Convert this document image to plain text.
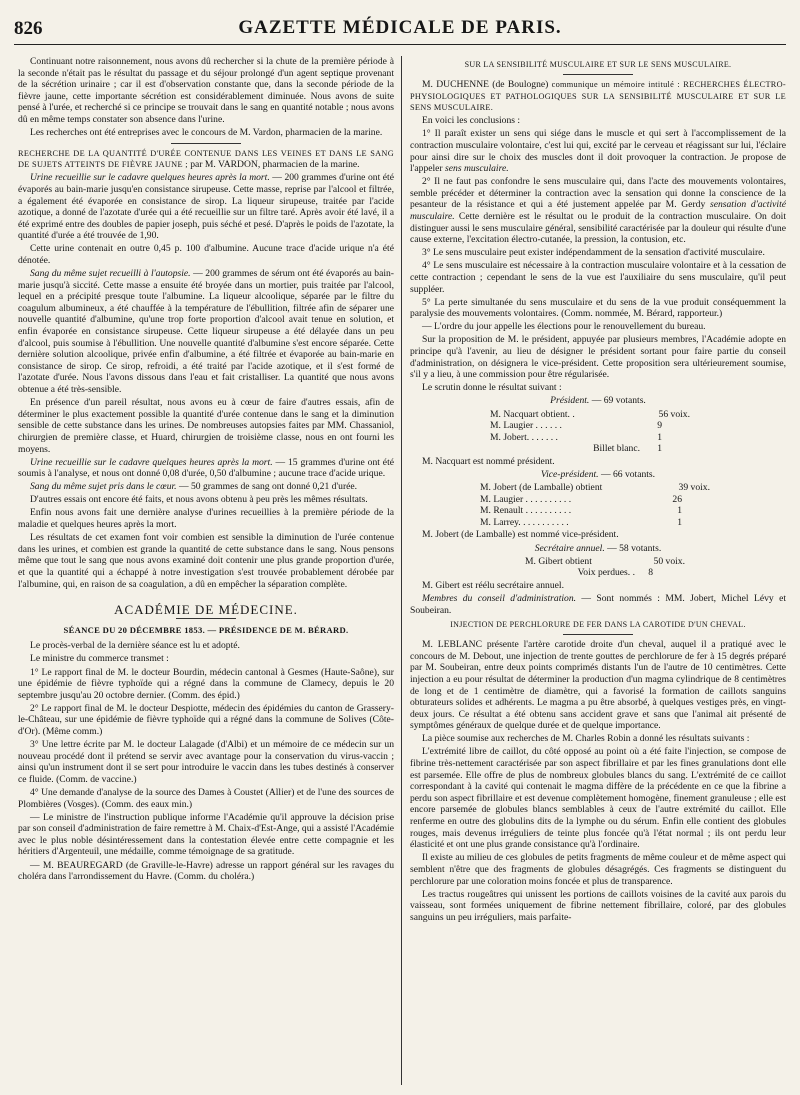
826	GAZETTE MÉDICALE DE PARIS.

Continuant notre raisonnement, nous avons dû rechercher si la chute de la première période à la seconde n'était pas le résultat du passage et du séjour prolongé d'un agent septique provenant de la sécrétion urinaire ; car il est d'observation constante que, dans la seconde période de la fièvre jaune, cette importante sécrétion est considérablement diminuée. Nous avons de suite pensé à l'urée, et recherché si ce principe se trouvait dans le sang en quantité notable ; nous avons dû en même temps constater son absence dans l'urine.

Les recherches ont été entreprises avec le concours de M. Vardon, pharmacien de la marine.

RECHERCHE DE LA QUANTITÉ D'URÉE CONTENUE DANS LES VEINES ET DANS LE SANG DE SUJETS ATTEINTS DE FIÈVRE JAUNE ; par M. VARDON, pharmacien de la marine.

Urine recueillie sur le cadavre quelques heures après la mort. — 200 grammes d'urine ont été évaporés au bain-marie jusqu'en consistance sirupeuse. Cette masse, reprise par l'alcool et filtrée, a également été évaporée en consistance de sirop. La liqueur sirupeuse, traitée par l'acide azotique, a donné de l'azotate d'urée qui a été recueillie sur un filtre taré. Après avoir été lavé, il a été exprimé entre des doubles de papier joseph, puis séché et pesé. D'après le poids de l'azotate, la quantité d'urée a été trouvée de 1,90.

Cette urine contenait en outre 0,45 p. 100 d'albumine. Aucune trace d'acide urique n'a été dénotée.

Sang du même sujet recueilli à l'autopsie. — 200 grammes de sérum ont été évaporés au bain-marie jusqu'à siccité. Cette masse a ensuite été broyée dans un mortier, puis traitée par l'alcool, lequel en a précipité presque toute l'albumine. La liqueur alcoolique, séparée par le filtre du coagulum albumineux, a été chauffée à la température de l'ébullition, filtrée afin de séparer une nouvelle quantité d'albumine, qu'une trop forte proportion d'alcool avait tenue en solution, et enfin évaporée en consistance sirupeuse. Cette liqueur sirupeuse a été délayée dans un peu d'alcool, puis soumise à l'ébullition. Une nouvelle quantité d'albumine s'est encore séparée. Cette dernière solution alcoolique, privée enfin d'albumine, a été filtrée et évaporée au bain-marie en consistance de sirop. Ce sirop, refroidi, a été traité par l'acide azotique, et il s'est formé de l'azotate d'urée. Nous l'avons dissous dans l'eau et fait cristalliser. La quantité que nous avons obtenue a été très-sensible.

En présence d'un pareil résultat, nous avons eu à cœur de faire d'autres essais, afin de déterminer le plus exactement possible la quantité d'urée contenue dans le sang et la diminution sensible de cette substance dans les urines. De nombreuses autopsies faites par MM. Chassaniol, chirurgien de première classe, et Huard, chirurgien de troisième classe, nous en ont fourni les moyens.

Urine recueillie sur le cadavre quelques heures après la mort. — 15 grammes d'urine ont été soumis à l'analyse, et nous ont donné 0,08 d'urée, 0,50 d'albumine ; aucune trace d'acide urique.

Sang du même sujet pris dans le cœur. — 50 grammes de sang ont donné 0,21 d'urée.

D'autres essais ont encore été faits, et nous avons obtenu à peu près les mêmes résultats.

Enfin nous avons fait une dernière analyse d'urines recueillies à la première période de la maladie et quelques heures après la mort.

Les résultats de cet examen font voir combien est sensible la diminution de l'urée contenue dans les urines, et combien est grande la quantité de cette substance dans le sang. Nous pensons même que tout le sang que nous avons examiné doit contenir une plus grande proportion d'urée, et que la quantité qui a échappé à notre investigation s'est trouvée probablement dérobée par l'albumine, qui, en raison de sa coagulation, a dû en empêcher la séparation complète.

ACADÉMIE DE MÉDECINE.
SÉANCE DU 20 DÉCEMBRE 1853. — PRÉSIDENCE DE M. BÉRARD.

Le procès-verbal de la dernière séance est lu et adopté.

Le ministre du commerce transmet :

1° Le rapport final de M. le docteur Bourdin, médecin cantonal à Gesmes (Haute-Saône), sur une épidémie de fièvre typhoïde qui a régné dans la commune de Clamecy, depuis le 20 septembre jusqu'au 20 octobre dernier. (Comm. des épid.)

2° Le rapport final de M. le docteur Despiotte, médecin des épidémies du canton de Grassery-le-Château, sur une épidémie de fièvre typhoïde qui a régné dans la commune de Solives (Côte-d'Or). (Même comm.)

3° Une lettre écrite par M. le docteur Lalagade (d'Albi) et un mémoire de ce médecin sur un nouveau procédé dont il prétend se servir avec avantage pour la conservation du virus-vaccin ; ainsi qu'un instrument dont il se sert pour introduire le vaccin dans les tubes destinés à conserver ce fluide. (Comm. de vaccine.)

4° Une demande d'analyse de la source des Dames à Coustet (Allier) et de l'une des sources de Plombières (Vosges). (Comm. des eaux min.)

— Le ministre de l'instruction publique informe l'Académie qu'il approuve la décision prise par son conseil d'administration de faire remettre à M. Chaix-d'Est-Ange, qui a assisté l'Académie avec le plus noble désintéressement dans la contestation élevée entre cette compagnie et les héritiers d'Argenteuil, une médaille, comme témoignage de sa gratitude.

— M. BEAUREGARD (de Graville-le-Havre) adresse un rapport général sur les ravages du choléra dans l'arrondissement du Havre. (Comm. du choléra.)

SUR LA SENSIBILITÉ MUSCULAIRE ET SUR LE SENS MUSCULAIRE.

M. DUCHENNE (de Boulogne) communique un mémoire intitulé : RECHERCHES ÉLECTRO-PHYSIOLOGIQUES ET PATHOLOGIQUES SUR LA SENSIBILITÉ MUSCULAIRE ET SUR LE SENS MUSCULAIRE.

En voici les conclusions :

1° Il paraît exister un sens qui siége dans le muscle et qui sert à l'accomplissement de la contraction musculaire volontaire, c'est lui qui, excité par le cerveau et réagissant sur lui, l'éclaire pour ainsi dire sur le choix des muscles dont il doit provoquer la contraction. Je propose de l'appeler sens musculaire.

2° Il ne faut pas confondre le sens musculaire qui, dans l'acte des mouvements volontaires, semble précéder et déterminer la contraction avec la sensation qui donne la conscience de la pesanteur de la résistance et qui a été justement appelée par M. Gerdy sensation d'activité musculaire. Cette dernière est le résultat ou le produit de la contraction musculaire. On doit distinguer aussi le sens musculaire général, sensibilité caractérisée par la douleur qui résulte d'une cause externe, l'excitation électro-cutanée, la pression, la contusion, etc.

3° Le sens musculaire peut exister indépendamment de la sensation d'activité musculaire.

4° Le sens musculaire est nécessaire à la contraction musculaire volontaire et à la cessation de cette contraction ; cependant le sens de la vue est l'auxiliaire du sens musculaire, qu'il peut suppléer.

5° La perte simultanée du sens musculaire et du sens de la vue produit conséquemment la paralysie des mouvements volontaires. (Comm. nommée, M. Bérard, rapporteur.)

— L'ordre du jour appelle les élections pour le renouvellement du bureau.

Sur la proposition de M. le président, appuyée par plusieurs membres, l'Académie adopte en principe qu'à l'avenir, au lieu de désigner le président sortant pour faire partie du conseil d'administration, on désignera le vice-président. Cette proposition sera ultérieurement soumise, s'il y a lieu, à une commission pour être régularisée.

Le scrutin donne le résultat suivant :

Président. — 69 votants.

M. Nacquart obtient. .	56 voix.
M. Laugier . . . . . .	9
M. Jobert. . . . . . .	1
Billet blanc.	1

M. Nacquart est nommé président.

Vice-président. — 66 votants.

M. Jobert (de Lamballe) obtient	39 voix.
M. Laugier . . . . . . . . . .	26
M. Renault . . . . . . . . . .	1
M. Larrey. . . . . . . . . . .	1

M. Jobert (de Lamballe) est nommé vice-président.

Secrétaire annuel. — 58 votants.

M. Gibert obtient	50 voix.
Voix perdues. .	8

M. Gibert est réélu secrétaire annuel.

Membres du conseil d'administration. — Sont nommés : MM. Jobert, Michel Lévy et Soubeiran.

INJECTION DE PERCHLORURE DE FER DANS LA CAROTIDE D'UN CHEVAL.

M. LEBLANC présente l'artère carotide droite d'un cheval, auquel il a pratiqué avec le concours de M. Debout, une injection de trente gouttes de perchlorure de fer à 15 degrés préparé par M. Soubeiran, entre deux points comprimés distants l'un de l'autre de 10 centimètres. Cette injection a eu pour résultat de déterminer la production d'un magma cylindrique de 8 centimètres de long et de 1 centimètre de diamètre, qui a favorisé la formation de caillots sanguins obturateurs solides et adhérents. Le magma a pu être absorbé, à quelques vestiges près, en vingt-deux jours. Ce résultat a été obtenu sans accident grave et sans que l'animal ait présenté de symptômes généraux de quelque durée et de quelque importance.

La pièce soumise aux recherches de M. Charles Robin a donné les résultats suivants :

L'extrémité libre de caillot, du côté opposé au point où a été faite l'injection, se compose de fibrine très-nettement caractérisée par son aspect fibrillaire et par les fines granulations dont elle est parsemée. Elle offre de plus de nombreux globules blancs du sang. L'extrémité de ce caillot correspondant à la cavité qui contenait le magma diffère de la précédente en ce que la fibrine a perdu son aspect fibrillaire et est devenue complètement homogène, finement granuleuse ; elle est encore parsemée de globules blancs semblables à ceux de l'autre extrémité du caillot. Elle renferme en outre des globulins dits de la lymphe ou du sérum. Enfin elle contient des globules rouges, mais devenus irréguliers de teinte plus foncée qu'à l'état normal ; ils ont perdu leur élasticité et ont une plus grande consistance qu'à l'ordinaire.

Il existe au milieu de ces globules de petits fragments de même couleur et de même aspect qui semblent n'être que des fragments de globules désagrégés. Ces fragments se distinguent du perchlorure par une coloration moins foncée et plus de transparence.

Les tractus rougeâtres qui unissent les portions de caillots voisines de la cavité aux parois du vaisseau, sont formées uniquement de fibrine nettement fibrillaire, coloré, par des globules sanguins un peu irréguliers, mais parfaite-
